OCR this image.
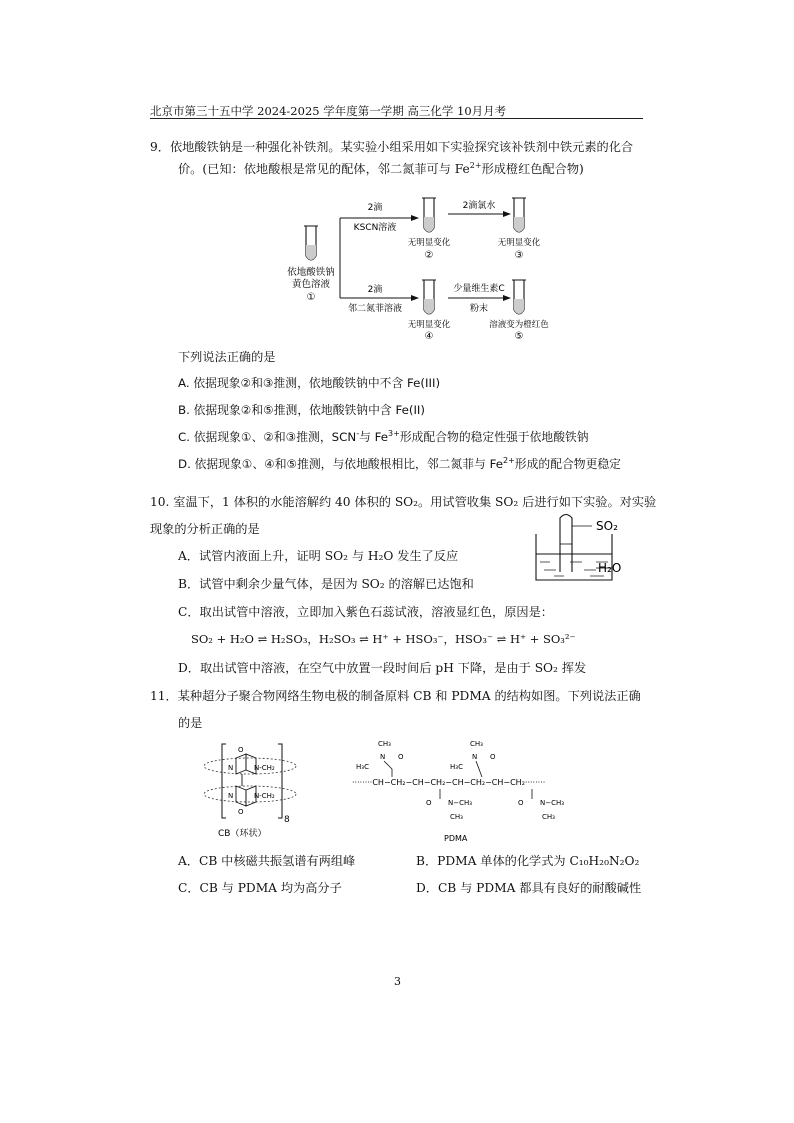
北京市第三十五中学 2024-2025 学年度第一学期 高三化学 10月月考
9．依地酸铁钠是一种强化补铁剂。某实验小组采用如下实验探究该补铁剂中铁元素的化合
价。(已知：依地酸根是常见的配体，邻二氮菲可与 $Fe^{2+}$形成橙红色配合物)
依地酸铁钠
黄色溶液
①
2滴
KSCN溶液
2滴
邻二氮菲溶液
无明显变化
②
2滴氯水
无明显变化
③
无明显变化
④
少量维生素C
粉末
溶液变为橙红色
⑤
下列说法正确的是
A. 依据现象②和③推测，依地酸铁钠中不含 Fe(III)
B. 依据现象②和⑤推测，依地酸铁钠中含 Fe(II)
C. 依据现象①、②和③推测，SCN-与 $Fe^{3+}$形成配合物的稳定性强于依地酸铁钠
D. 依据现象①、④和⑤推测，与依地酸根相比，邻二氮菲与 $Fe^{2+}$形成的配合物更稳定
10. 室温下，1 体积的水能溶解约 40 体积的 SO₂。用试管收集 SO₂ 后进行如下实验。对实验
现象的分析正确的是
A．试管内液面上升，证明 SO₂ 与 H₂O 发生了反应
B．试管中剩余少量气体，是因为 SO₂ 的溶解已达饱和
C．取出试管中溶液，立即加入紫色石蕊试液，溶液显红色，原因是：
SO₂ + H₂O ⇌ H₂SO₃，H₂SO₃ ⇌ H⁺ + HSO₃⁻，HSO₃⁻ ⇌ H⁺ + SO₃²⁻
D．取出试管中溶液，在空气中放置一段时间后 pH 下降，是由于 SO₂ 挥发
SO₂
H₂O
11．某种超分子聚合物网络生物电极的制备原料 CB 和 PDMA 的结构如图。下列说法正确
的是
8
N	N-CH₂
N	N-CH₂
O
O
CB（环状）
········CH−CH₂−CH−CH₂−CH−CH₂−CH−CH₂········
H₃C
CH₃
N O
H₃C
CH₃
N O
O N−CH₃
CH₃
O N−CH₃
CH₃
PDMA
A．CB 中核磁共振氢谱有两组峰	B．PDMA 单体的化学式为 C₁₀H₂₀N₂O₂
C．CB 与 PDMA 均为高分子	D．CB 与 PDMA 都具有良好的耐酸碱性
3
